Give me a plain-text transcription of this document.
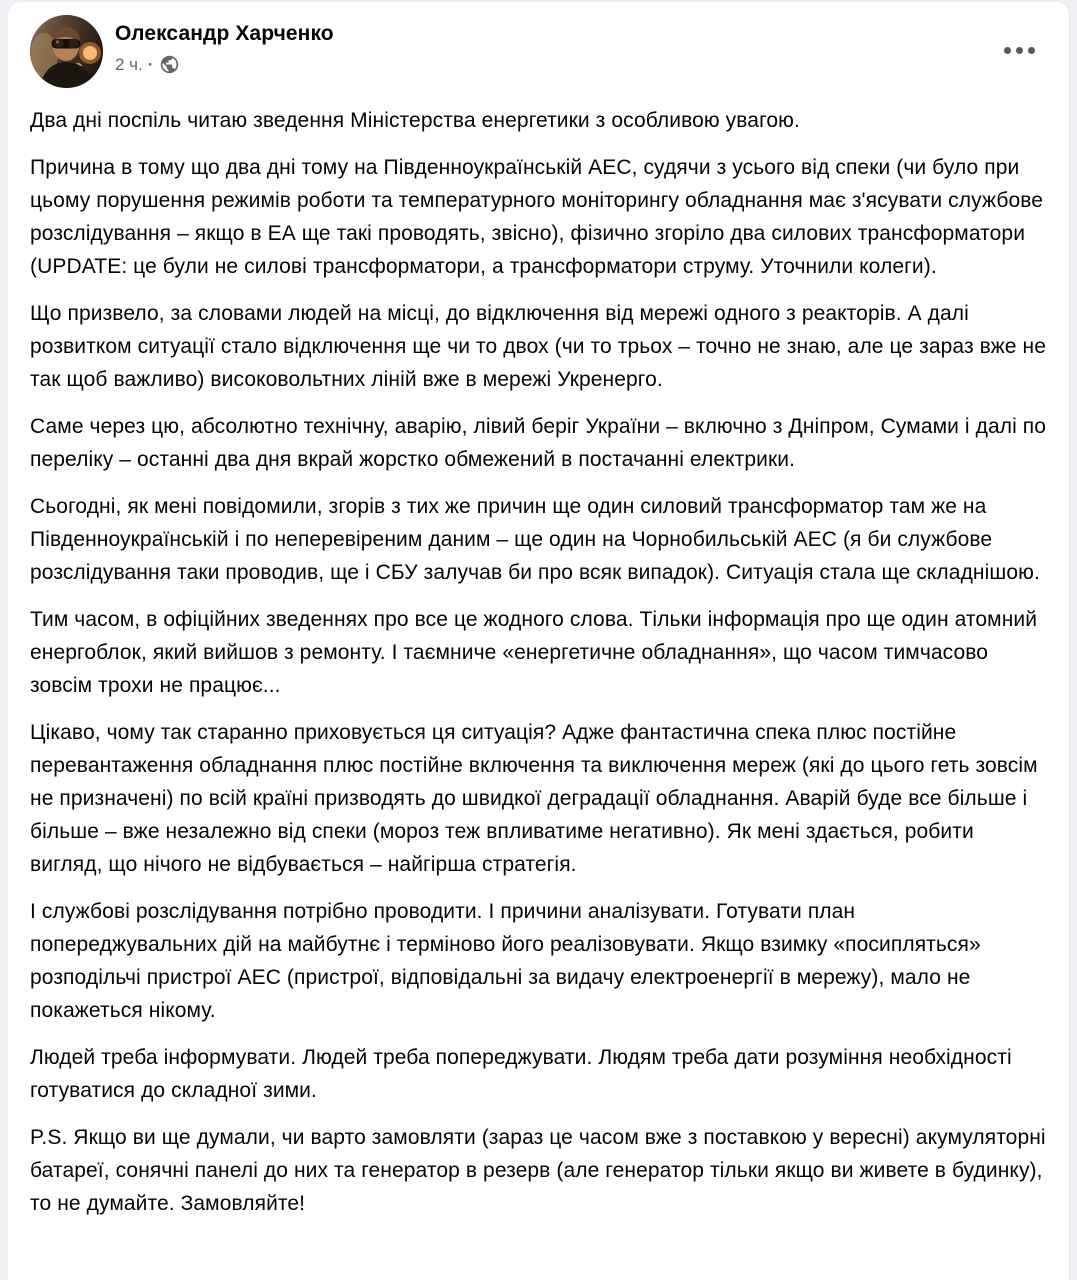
Олександр Харченко
2 ч. ·

Два дні поспіль читаю зведення Міністерства енергетики з особливою увагою.

Причина в тому що два дні тому на Південноукраїнській АЕС, судячи з усього від спеки (чи було при цьому порушення режимів роботи та температурного моніторингу обладнання має з'ясувати службове розслідування – якщо в ЕА ще такі проводять, звісно), фізично згоріло два силових трансформатори (UPDATE: це були не силові трансформатори, а трансформатори струму. Уточнили колеги).

Що призвело, за словами людей на місці, до відключення від мережі одного з реакторів. А далі розвитком ситуації стало відключення ще чи то двох (чи то трьох – точно не знаю, але це зараз вже не так щоб важливо) високовольтних ліній вже в мережі Укренерго.

Саме через цю, абсолютно технічну, аварію, лівий беріг України – включно з Дніпром, Сумами і далі по переліку – останні два дня вкрай жорстко обмежений в постачанні електрики.

Сьогодні, як мені повідомили, згорів з тих же причин ще один силовий трансформатор там же на Південноукраїнській і по неперевіреним даним – ще один на Чорнобильській АЕС (я би службове розслідування таки проводив, ще і СБУ залучав би про всяк випадок). Ситуація стала ще складнішою.

Тим часом, в офіційних зведеннях про все це жодного слова. Тільки інформація про ще один атомний енергоблок, який вийшов з ремонту. І таємниче «енергетичне обладнання», що часом тимчасово зовсім трохи не працює...

Цікаво, чому так старанно приховується ця ситуація? Адже фантастична спека плюс постійне перевантаження обладнання плюс постійне включення та виключення мереж (які до цього геть зовсім не призначені) по всій країні призводять до швидкої деградації обладнання. Аварій буде все більше і більше – вже незалежно від спеки (мороз теж впливатиме негативно). Як мені здається, робити вигляд, що нічого не відбувається – найгірша стратегія.

І службові розслідування потрібно проводити. І причини аналізувати. Готувати план попереджувальних дій на майбутнє і терміново його реалізовувати. Якщо взимку «посипляться» розподільчі пристрої АЕС (пристрої, відповідальні за видачу електроенергії в мережу), мало не покажеться нікому.

Людей треба інформувати. Людей треба попереджувати. Людям треба дати розуміння необхідності готуватися до складної зими.

P.S. Якщо ви ще думали, чи варто замовляти (зараз це часом вже з поставкою у вересні) акумуляторні батареї, сонячні панелі до них та генератор в резерв (але генератор тільки якщо ви живете в будинку), то не думайте. Замовляйте!
